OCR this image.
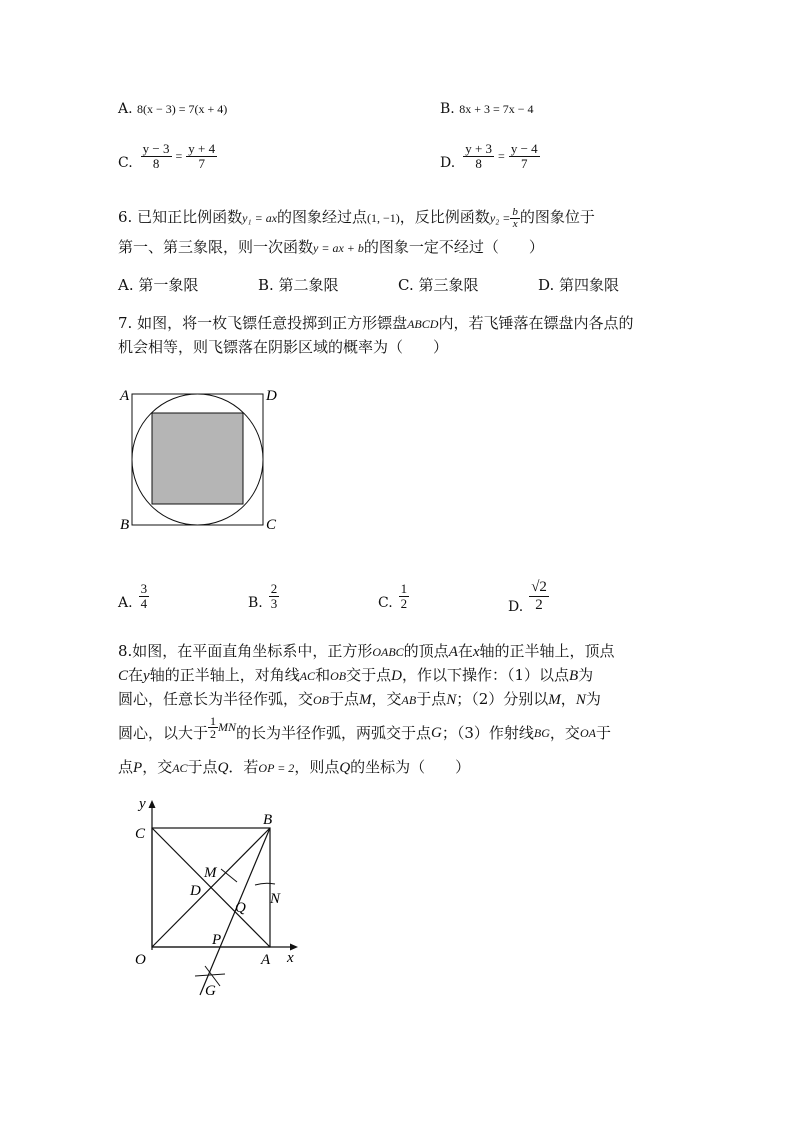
A. 8(x − 3) = 7(x + 4)	B. 8x + 3 = 7x − 4
C. $\frac{y - 3}{8} = \frac{y + 4}{7}$	D. $\frac{y + 3}{8} = \frac{y - 4}{7}$
6. 已知正比例函数y₁ = ax的图象经过点(1, −1)，反比例函数$y_2 = \frac{b}{x}$ 的图象位于
第一、第三象限，则一次函数y = ax + b的图象一定不经过（　　）
A. 第一象限	B. 第二象限	C. 第三象限	D. 第四象限
7. 如图，将一枚飞镖任意投掷到正方形镖盘ABCD内，若飞锤落在镖盘内各点的
机会相等，则飞镖落在阴影区域的概率为（　　）
A	D
B	C
A. $\frac{3}{4}$	B. $\frac{2}{3}$	C. $\frac{1}{2}$	D. $\frac{√2}{2}$
8.如图，在平面直角坐标系中，正方形OABC的顶点A在x轴的正半轴上，顶点
C在y轴的正半轴上，对角线AC和OB交于点D，作以下操作：（1）以点B为
圆心，任意长为半径作弧，交OB于点M，交AB于点N；（2）分别以M，N为
圆心，以大于 $\frac{1}{2}$ MN 的长为半径作弧，两弧交于点 G ；（3）作射线 BG ，交 OA 于
点P，交AC于点Q．若OP = 2，则点Q的坐标为（　　）
y
x
C
B
M
D	N
Q
P
O	A
G
